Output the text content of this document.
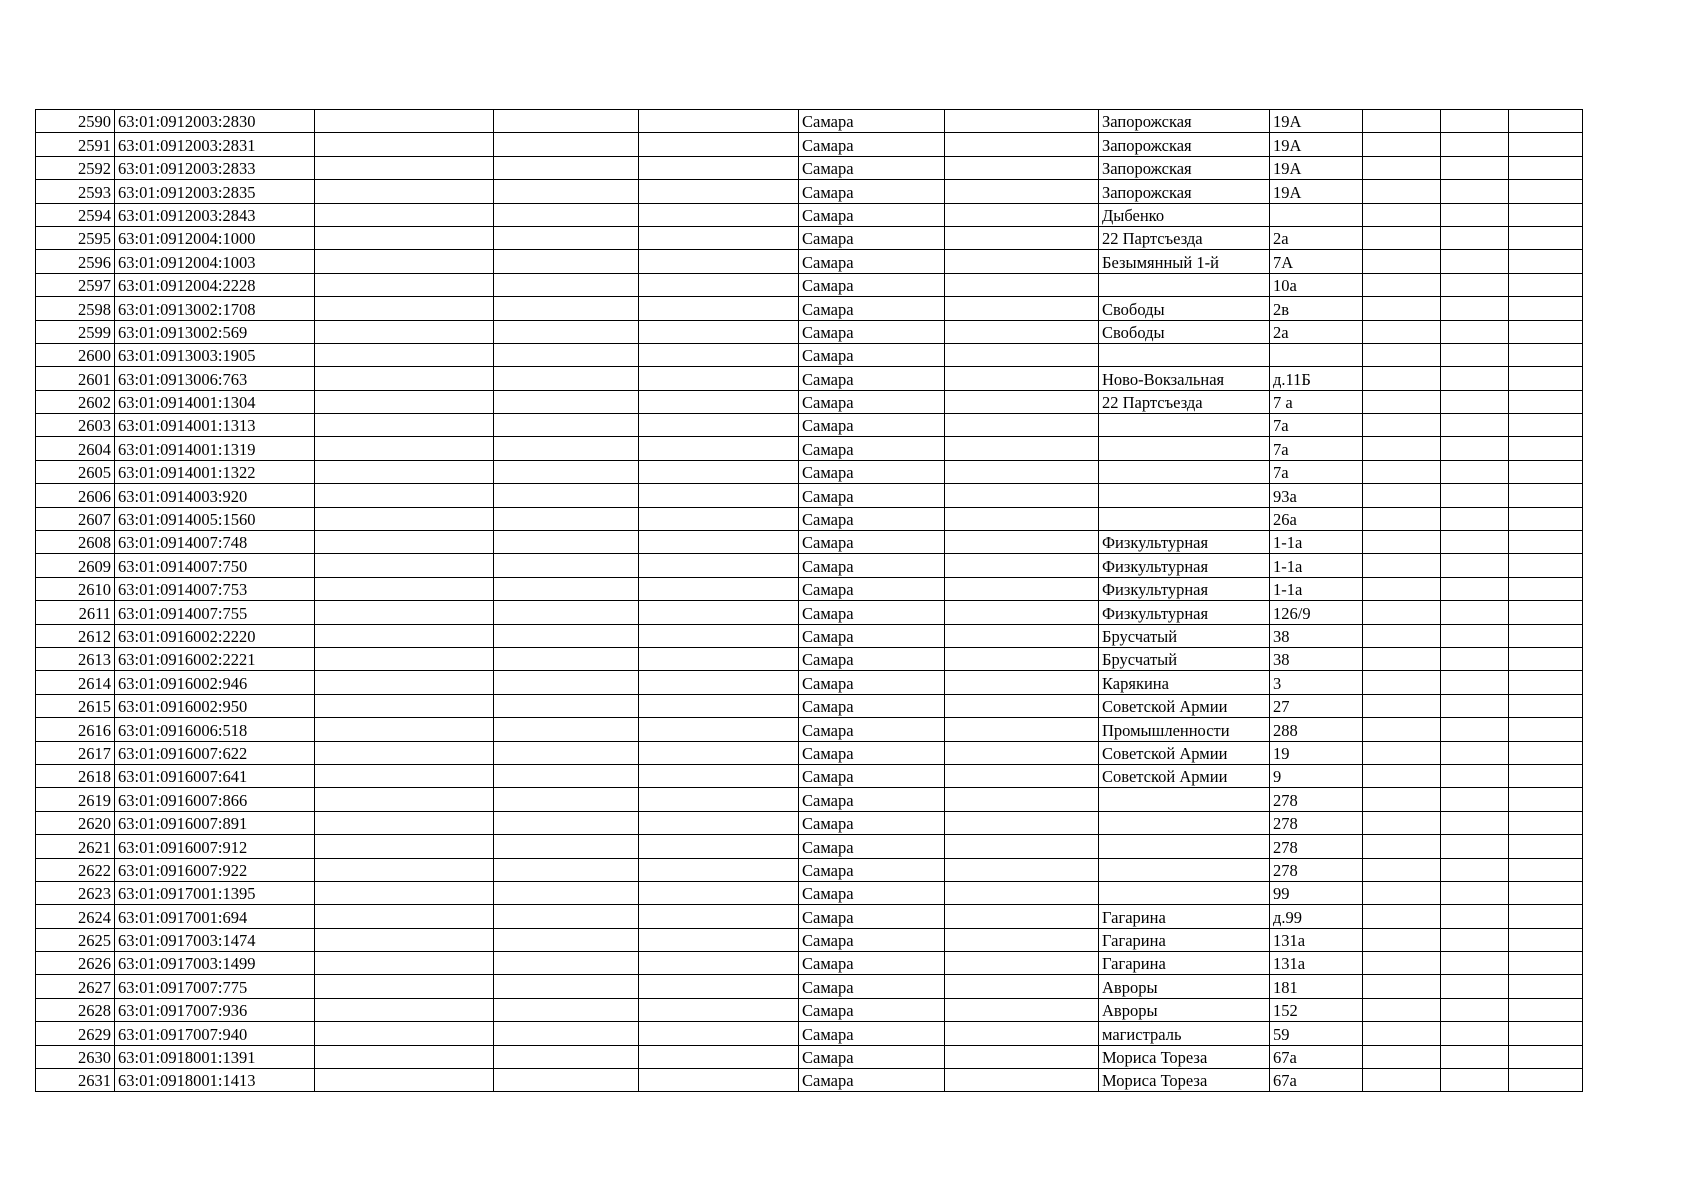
2590	63:01:0912003:2830				Самара		Запорожская	19А			
2591	63:01:0912003:2831				Самара		Запорожская	19А			
2592	63:01:0912003:2833				Самара		Запорожская	19А			
2593	63:01:0912003:2835				Самара		Запорожская	19А			
2594	63:01:0912003:2843				Самара		Дыбенко				
2595	63:01:0912004:1000				Самара		22 Партсъезда	2а			
2596	63:01:0912004:1003				Самара		Безымянный 1-й	7А			
2597	63:01:0912004:2228				Самара			10а			
2598	63:01:0913002:1708				Самара		Свободы	2в			
2599	63:01:0913002:569				Самара		Свободы	2а			
2600	63:01:0913003:1905				Самара						
2601	63:01:0913006:763				Самара		Ново-Вокзальная	д.11Б			
2602	63:01:0914001:1304				Самара		22 Партсъезда	7 а			
2603	63:01:0914001:1313				Самара			7а			
2604	63:01:0914001:1319				Самара			7а			
2605	63:01:0914001:1322				Самара			7а			
2606	63:01:0914003:920				Самара			93а			
2607	63:01:0914005:1560				Самара			26а			
2608	63:01:0914007:748				Самара		Физкультурная	1-1а			
2609	63:01:0914007:750				Самара		Физкультурная	1-1а			
2610	63:01:0914007:753				Самара		Физкультурная	1-1а			
2611	63:01:0914007:755				Самара		Физкультурная	126/9			
2612	63:01:0916002:2220				Самара		Брусчатый	38			
2613	63:01:0916002:2221				Самара		Брусчатый	38			
2614	63:01:0916002:946				Самара		Карякина	3			
2615	63:01:0916002:950				Самара		Советской Армии	27			
2616	63:01:0916006:518				Самара		Промышленности	288			
2617	63:01:0916007:622				Самара		Советской Армии	19			
2618	63:01:0916007:641				Самара		Советской Армии	9			
2619	63:01:0916007:866				Самара			278			
2620	63:01:0916007:891				Самара			278			
2621	63:01:0916007:912				Самара			278			
2622	63:01:0916007:922				Самара			278			
2623	63:01:0917001:1395				Самара			99			
2624	63:01:0917001:694				Самара		Гагарина	д.99			
2625	63:01:0917003:1474				Самара		Гагарина	131а			
2626	63:01:0917003:1499				Самара		Гагарина	131а			
2627	63:01:0917007:775				Самара		Авроры	181			
2628	63:01:0917007:936				Самара		Авроры	152			
2629	63:01:0917007:940				Самара		магистраль	59			
2630	63:01:0918001:1391				Самара		Мориса Тореза	67а			
2631	63:01:0918001:1413				Самара		Мориса Тореза	67а			
